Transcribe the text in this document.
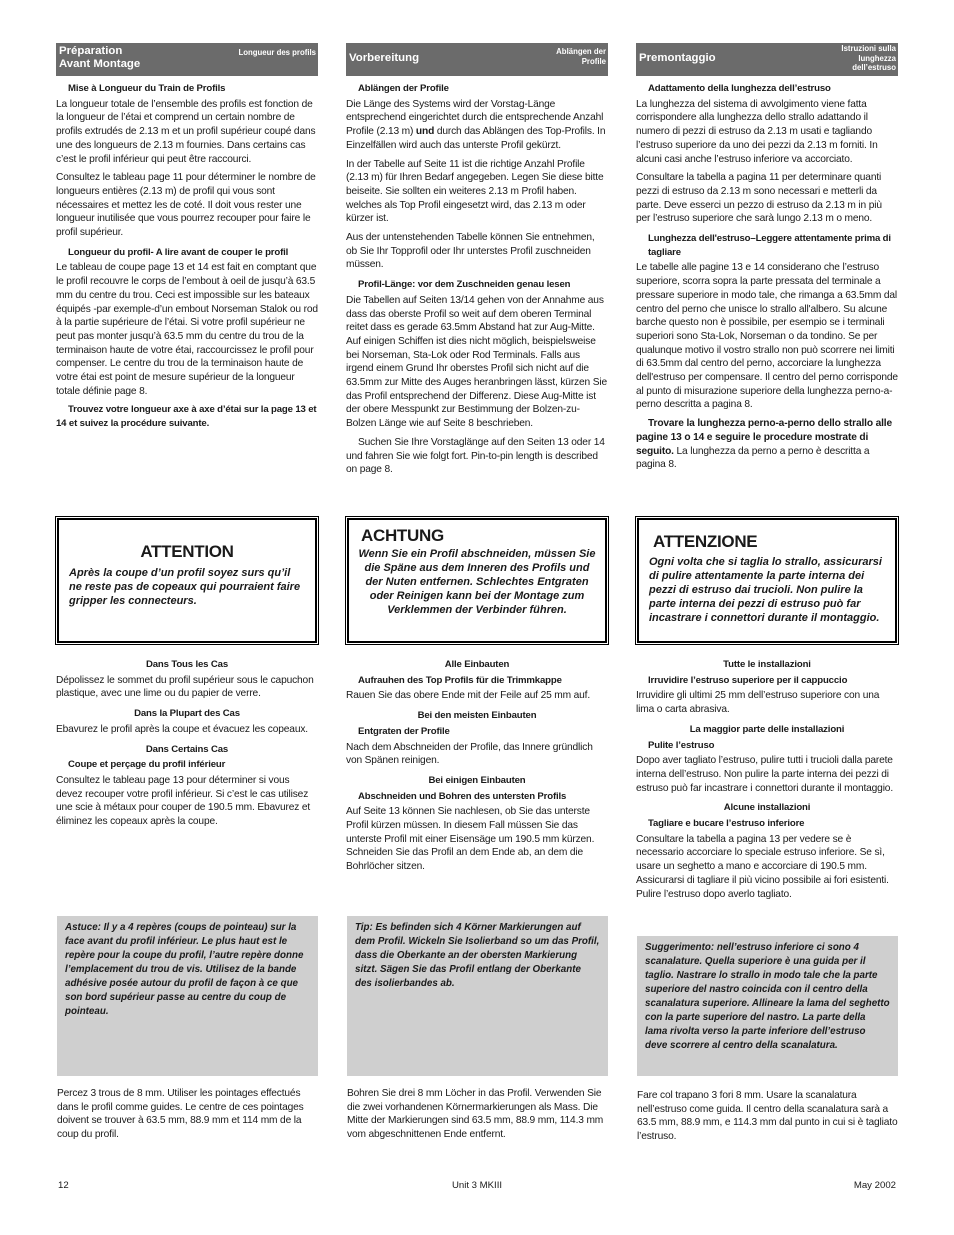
Préparation
Avant Montage
Longueur des profils
Mise à Longueur du Train de Profils

La longueur totale de l’ensemble des profils est fonction de la longueur de l’étai et comprend un certain nombre de profils extrudés de 2.13 m et un profil supérieur coupé dans une des longueurs de 2.13 m fournies. Dans certains cas c’est le profil inférieur qui peut être raccourci.

Consultez le tableau page 11 pour déterminer le nombre de longueurs entières (2.13 m) de profil qui vous sont nécessaires et mettez les de coté. Il doit vous rester une longueur inutilisée que vous pourrez recouper pour faire le profil supérieur.

Longueur du profil- A lire avant de couper le profil

Le tableau de coupe page 13 et 14 est fait en comptant que le profil recouvre le corps de l’embout à oeil de jusqu’à 63.5 mm du centre du trou. Ceci est impossible sur les bateaux équipés -par exemple-d’un embout Norseman Stalok ou rod à la partie supérieure de l’étai. Si votre profil supérieur ne peut pas monter jusqu’à 63.5 mm du centre du trou de la terminaison haute de votre étai, raccourcissez le profil pour compenser. Le centre du trou de la terminaison haute de votre étai est point de mesure supérieur de la longueur totale définie page 8.

Trouvez votre longueur axe à axe d’étai sur la page 13 et 14 et suivez la procédure suivante.

Vorbereitung
Ablängen der Profile
Ablängen der Profile

Die Länge des Systems wird der Vorstag-Länge entsprechend eingerichtet durch die entsprechende Anzahl Profile (2.13 m) und durch das Ablängen des Top-Profils. In Einzelfällen wird auch das unterste Profil gekürzt.

In der Tabelle auf Seite 11 ist die richtige Anzahl Profile (2.13 m) für Ihren Bedarf angegeben. Legen Sie diese bitte beiseite. Sie sollten ein weiteres 2.13 m Profil haben. welches als Top Profil eingesetzt wird, das 2.13 m oder kürzer ist.

Aus der untenstehenden Tabelle können Sie entnehmen, ob Sie Ihr Topprofil oder Ihr unterstes Profil zuschneiden müssen.

Profil-Länge: vor dem Zuschneiden genau lesen

Die Tabellen auf Seiten 13/14 gehen von der Annahme aus dass das oberste Profil so weit auf dem oberen Terminal reitet dass es gerade 63.5mm Abstand hat zur Aug-Mitte. Auf einigen Schiffen ist dies nicht möglich, beispielsweise bei Norseman, Sta-Lok oder Rod Terminals. Falls aus irgend einem Grund Ihr oberstes Profil sich nicht auf die 63.5mm zur Mitte des Auges heranbringen lässt, kürzen Sie das Profil entsprechend der Differenz. Diese Aug-Mitte ist der obere Messpunkt zur Bestimmung der Bolzen-zu-Bolzen Länge wie auf Seite 8 beschrieben.

Suchen Sie Ihre Vorstaglänge auf den Seiten 13 oder 14 und fahren Sie wie folgt fort. Pin-to-pin length is described on page 8.

Premontaggio
Istruzioni sulla lunghezza dell’estruso
Adattamento della lunghezza dell’estruso

La lunghezza del sistema di avvolgimento viene fatta corrispondere alla lunghezza dello strallo adattando il numero di pezzi di estruso da 2.13 m usati e tagliando l’estruso superiore da uno dei pezzi da 2.13 m forniti. In alcuni casi anche l’estruso inferiore va accorciato.

Consultare la tabella a pagina 11 per determinare quanti pezzi di estruso da 2.13 m sono necessari e metterli da parte. Deve esserci un pezzo di estruso da 2.13 m in più per l’estruso superiore che sarà lungo 2.13 m o meno.

Lunghezza dell'estruso–Leggere attentamente prima di tagliare

Le tabelle alle pagine 13 e 14 considerano che l’estruso superiore, scorra sopra la parte pressata del terminale a pressare superiore in modo tale, che rimanga a 63.5mm dal centro del perno che unisce lo strallo all'albero. Su alcune barche questo non è possibile, per esempio se i terminali superiori sono Sta-Lok, Norseman o da tondino. Se per qualunque motivo il vostro strallo non può scorrere nei limiti di 63.5mm dal centro del perno, accorciare la lunghezza dell'estruso per compensare. Il centro del perno corrisponde al punto di misurazione superiore della lunghezza perno-a-perno descritta a pagina 8.

Trovare la lunghezza perno-a-perno dello strallo alle pagine 13 o 14 e seguire le procedure mostrate di seguito. La lunghezza da perno a perno è descritta a pagina 8.

ATTENTION
Après la coupe d’un profil soyez surs qu’il ne reste pas de copeaux qui pourraient faire gripper les connecteurs.
ACHTUNG
Wenn Sie ein Profil abschneiden, müssen Sie die Späne aus dem Inneren des Profils und der Nuten entfernen. Schlechtes Entgraten oder Reinigen kann bei der Montage zum Verklemmen der Verbinder führen.
ATTENZIONE
Ogni volta che si taglia lo strallo, assicurarsi di pulire attentamente la parte interna dei pezzi di estruso dai trucioli. Non pulire la parte interna dei pezzi di estruso può far incastrare i connettori durante il montaggio.
Dans Tous les Cas

Dépolissez le sommet du profil supérieur sous le capuchon plastique, avec une lime ou du papier de verre.

Dans la Plupart des Cas

Ebavurez le profil après la coupe et évacuez les copeaux.

Dans Certains Cas
Coupe et perçage du profil inférieur

Consultez le tableau page 13 pour déterminer si vous devez recouper votre profil inférieur. Si c’est le cas utilisez une scie à métaux pour couper de 190.5 mm. Ebavurez et éliminez les copeaux après la coupe.

Alle Einbauten
Aufrauhen des Top Profils für die Trimmkappe

Rauen Sie das obere Ende mit der Feile auf 25 mm auf.

Bei den meisten Einbauten
Entgraten der Profile

Nach dem Abschneiden der Profile, das Innere gründlich von Spänen reinigen.

Bei einigen Einbauten
Abschneiden und Bohren des untersten Profils

Auf Seite 13 können Sie nachlesen, ob Sie das unterste Profil kürzen müssen. In diesem Fall müssen Sie das unterste Profil mit einer Eisensäge um 190.5 mm kürzen. Schneiden Sie das Profil an dem Ende ab, an dem die Bohrlöcher sitzen.

Tutte le installazioni
Irruvidire l’estruso superiore per il cappuccio

Irruvidire gli ultimi 25 mm dell’estruso superiore con una lima o carta abrasiva.

La maggior parte delle installazioni
Pulite l’estruso

Dopo aver tagliato l’estruso, pulire tutti i trucioli dalla parete interna dell’estruso. Non pulire la parte interna dei pezzi di estruso può far incastrare i connettori durante il montaggio.

Alcune installazioni
Tagliare e bucare l’estruso inferiore

Consultare la tabella a pagina 13 per vedere se è necessario accorciare lo speciale estruso inferiore. Se sì, usare un seghetto a mano e accorciare di 190.5 mm. Assicurarsi di tagliare il più vicino possibile ai fori esistenti. Pulire l’estruso dopo averlo tagliato.

Astuce: Il y a 4 repères (coups de pointeau) sur la face avant du profil inférieur. Le plus haut est le repère pour la coupe du profil, l’autre repère donne l’emplacement du trou de vis. Utilisez de la bande adhésive posée autour du profil de façon à ce que son bord supérieur passe au centre du coup de pointeau.
Tip: Es befinden sich 4 Körner Markierungen auf dem Profil. Wickeln Sie Isolierband so um das Profil, dass die Oberkante an der obersten Markierung sitzt. Sägen Sie das Profil entlang der Oberkante des isolierbandes ab.
Suggerimento: nell’estruso inferiore ci sono 4 scanalature. Quella superiore è una guida per il taglio. Nastrare lo strallo in modo tale che la parte superiore del nastro coincida con il centro della scanalatura superiore. Allineare la lama del seghetto con la parte superiore del nastro. La parte della lama rivolta verso la parte inferiore dell’estruso deve scorrere al centro della scanalatura.
Percez 3 trous de 8 mm. Utiliser les pointages effectués dans le profil comme guides. Le centre de ces pointages doivent se trouver à 63.5 mm, 88.9 mm et 114 mm de la coup du profil.
Bohren Sie drei 8 mm Löcher in das Profil. Verwenden Sie die zwei vorhandenen Körnermarkierungen als Mass. Die Mitte der Markierungen sind 63.5 mm, 88.9 mm, 114.3 mm vom abgeschnittenen Ende entfernt.
Fare col trapano 3 fori 8 mm. Usare la scanalatura nell’estruso come guida. Il centro della scanalatura sarà a 63.5 mm, 88.9 mm, e 114.3 mm dal punto in cui si è tagliato l’estruso.
12	Unit 3 MKIII	May 2002
